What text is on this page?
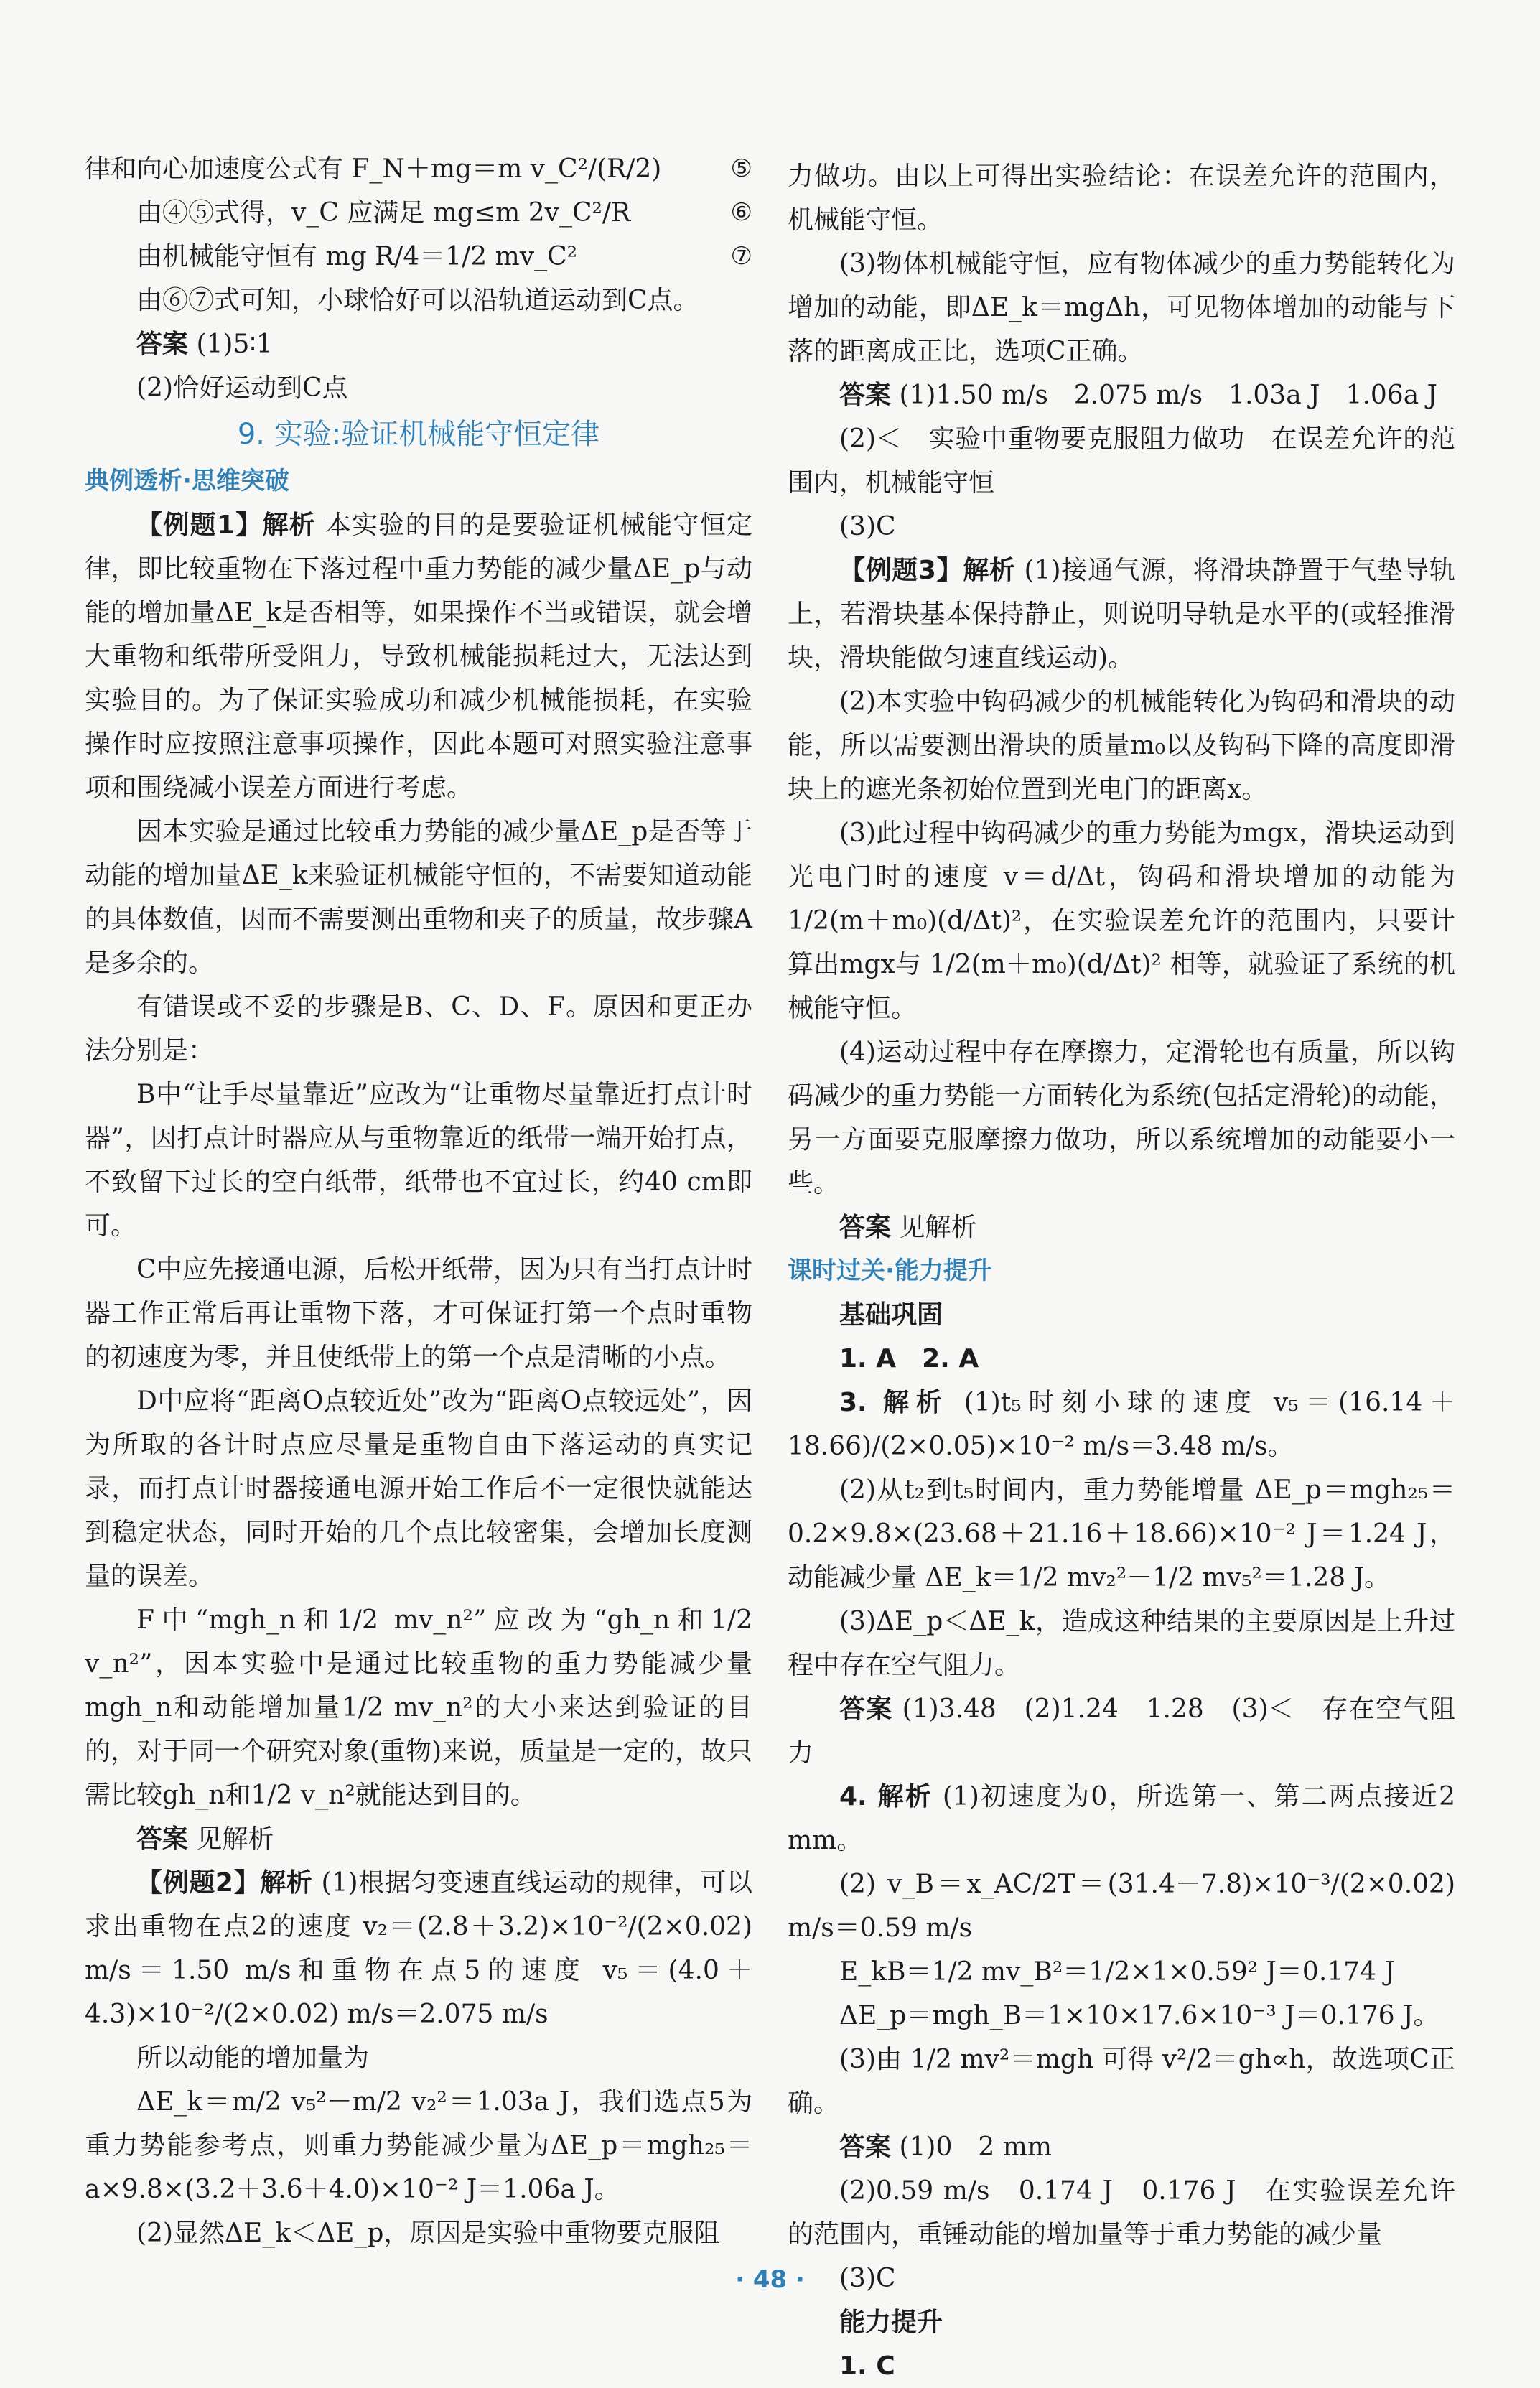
律和向心加速度公式有 F_N＋mg＝m v_C²/(R/2)	⑤

由④⑤式得，v_C 应满足 mg≤m 2v_C²/R	⑥

由机械能守恒有 mg R/4＝1/2 mv_C²	⑦

由⑥⑦式可知，小球恰好可以沿轨道运动到C点。

答案 (1)5∶1

(2)恰好运动到C点

9. 实验:验证机械能守恒定律
典例透析·思维突破

【例题1】解析 本实验的目的是要验证机械能守恒定律，即比较重物在下落过程中重力势能的减少量ΔE_p与动能的增加量ΔE_k是否相等，如果操作不当或错误，就会增大重物和纸带所受阻力，导致机械能损耗过大，无法达到实验目的。为了保证实验成功和减少机械能损耗，在实验操作时应按照注意事项操作，因此本题可对照实验注意事项和围绕减小误差方面进行考虑。

因本实验是通过比较重力势能的减少量ΔE_p是否等于动能的增加量ΔE_k来验证机械能守恒的，不需要知道动能的具体数值，因而不需要测出重物和夹子的质量，故步骤A是多余的。

有错误或不妥的步骤是B、C、D、F。原因和更正办法分别是：

B中“让手尽量靠近”应改为“让重物尽量靠近打点计时器”，因打点计时器应从与重物靠近的纸带一端开始打点，不致留下过长的空白纸带，纸带也不宜过长，约40 cm即可。

C中应先接通电源，后松开纸带，因为只有当打点计时器工作正常后再让重物下落，才可保证打第一个点时重物的初速度为零，并且使纸带上的第一个点是清晰的小点。

D中应将“距离O点较近处”改为“距离O点较远处”，因为所取的各计时点应尽量是重物自由下落运动的真实记录，而打点计时器接通电源开始工作后不一定很快就能达到稳定状态，同时开始的几个点比较密集，会增加长度测量的误差。

F中“mgh_n和1/2 mv_n²”应改为“gh_n和1/2 v_n²”，因本实验中是通过比较重物的重力势能减少量mgh_n和动能增加量1/2 mv_n²的大小来达到验证的目的，对于同一个研究对象(重物)来说，质量是一定的，故只需比较gh_n和1/2 v_n²就能达到目的。

答案 见解析

【例题2】解析 (1)根据匀变速直线运动的规律，可以求出重物在点2的速度 v₂＝(2.8＋3.2)×10⁻²/(2×0.02) m/s＝1.50 m/s和重物在点5的速度 v₅＝(4.0＋4.3)×10⁻²/(2×0.02) m/s＝2.075 m/s

所以动能的增加量为

ΔE_k＝m/2 v₅²－m/2 v₂²＝1.03a J，我们选点5为重力势能参考点，则重力势能减少量为ΔE_p＝mgh₂₅＝a×9.8×(3.2＋3.6＋4.0)×10⁻² J＝1.06a J。

(2)显然ΔE_k＜ΔE_p，原因是实验中重物要克服阻

力做功。由以上可得出实验结论：在误差允许的范围内，机械能守恒。

(3)物体机械能守恒，应有物体减少的重力势能转化为增加的动能，即ΔE_k＝mgΔh，可见物体增加的动能与下落的距离成正比，选项C正确。

答案 (1)1.50 m/s　2.075 m/s　1.03a J　1.06a J

(2)＜　实验中重物要克服阻力做功　在误差允许的范围内，机械能守恒

(3)C

【例题3】解析 (1)接通气源，将滑块静置于气垫导轨上，若滑块基本保持静止，则说明导轨是水平的(或轻推滑块，滑块能做匀速直线运动)。

(2)本实验中钩码减少的机械能转化为钩码和滑块的动能，所以需要测出滑块的质量m₀以及钩码下降的高度即滑块上的遮光条初始位置到光电门的距离x。

(3)此过程中钩码减少的重力势能为mgx，滑块运动到光电门时的速度 v＝d/Δt，钩码和滑块增加的动能为 1/2(m＋m₀)(d/Δt)²，在实验误差允许的范围内，只要计算出mgx与 1/2(m＋m₀)(d/Δt)² 相等，就验证了系统的机械能守恒。

(4)运动过程中存在摩擦力，定滑轮也有质量，所以钩码减少的重力势能一方面转化为系统(包括定滑轮)的动能，另一方面要克服摩擦力做功，所以系统增加的动能要小一些。

答案 见解析

课时过关·能力提升
基础巩固

1. A　2. A

3. 解析 (1)t₅时刻小球的速度 v₅＝(16.14＋18.66)/(2×0.05)×10⁻² m/s＝3.48 m/s。

(2)从t₂到t₅时间内，重力势能增量 ΔE_p＝mgh₂₅＝0.2×9.8×(23.68＋21.16＋18.66)×10⁻² J＝1.24 J，动能减少量 ΔE_k＝1/2 mv₂²－1/2 mv₅²＝1.28 J。

(3)ΔE_p＜ΔE_k，造成这种结果的主要原因是上升过程中存在空气阻力。

答案 (1)3.48　(2)1.24　1.28　(3)＜　存在空气阻力

4. 解析 (1)初速度为0，所选第一、第二两点接近2 mm。

(2) v_B＝x_AC/2T＝(31.4－7.8)×10⁻³/(2×0.02) m/s＝0.59 m/s

E_kB＝1/2 mv_B²＝1/2×1×0.59² J＝0.174 J

ΔE_p＝mgh_B＝1×10×17.6×10⁻³ J＝0.176 J。

(3)由 1/2 mv²＝mgh 可得 v²/2＝gh∝h，故选项C正确。

答案 (1)0　2 mm

(2)0.59 m/s　0.174 J　0.176 J　在实验误差允许的范围内，重锤动能的增加量等于重力势能的减少量

(3)C

能力提升

1. C

· 48 ·
